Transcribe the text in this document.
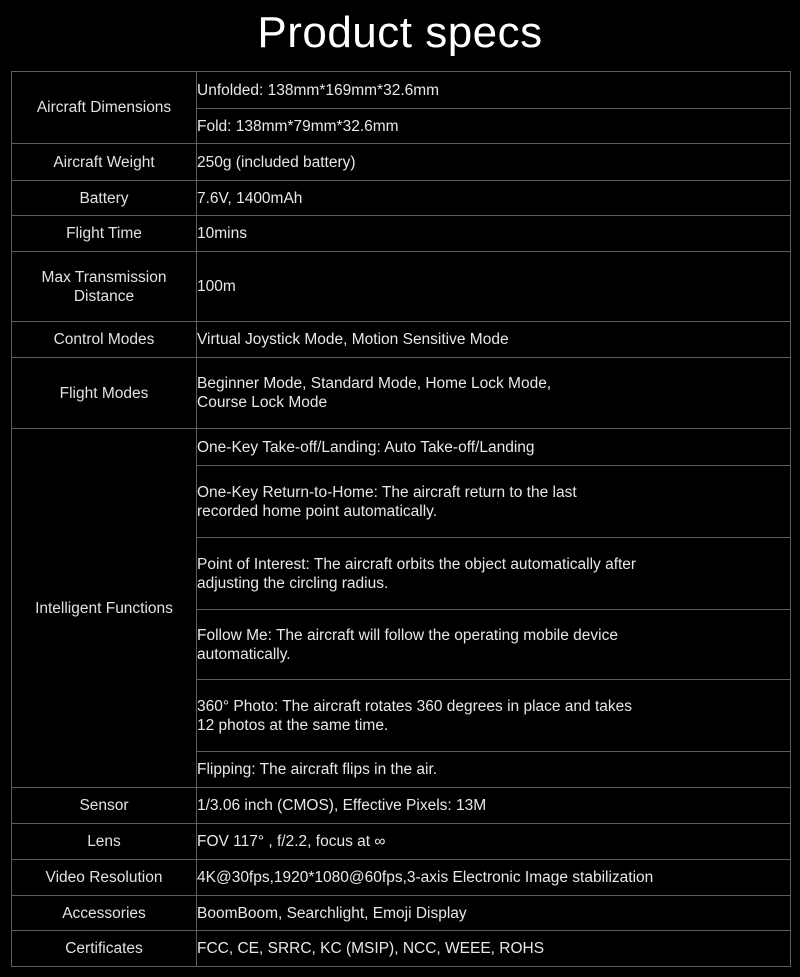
Product specs
Aircraft Dimensions	Unfolded: 138mm*169mm*32.6mm
	Fold: 138mm*79mm*32.6mm
Aircraft Weight	250g (included battery)
Battery	7.6V, 1400mAh
Flight Time	10mins
Max Transmission
Distance	100m
Control Modes	Virtual Joystick Mode, Motion Sensitive Mode
Flight Modes	Beginner Mode, Standard Mode, Home Lock Mode,
Course Lock Mode
Intelligent Functions	One-Key Take-off/Landing: Auto Take-off/Landing
	One-Key Return-to-Home: The aircraft return to the last
recorded home point automatically.
	Point of Interest: The aircraft orbits the object automatically after
adjusting the circling radius.
	Follow Me: The aircraft will follow the operating mobile device
automatically.
	360° Photo: The aircraft rotates 360 degrees in place and takes
12 photos at the same time.
	Flipping: The aircraft flips in the air.
Sensor	1/3.06 inch (CMOS), Effective Pixels: 13M
Lens	FOV 117° , f/2.2, focus at ∞
Video Resolution	4K@30fps,1920*1080@60fps,3-axis Electronic Image stabilization
Accessories	BoomBoom, Searchlight, Emoji Display
Certificates	FCC, CE, SRRC, KC (MSIP), NCC, WEEE, ROHS
